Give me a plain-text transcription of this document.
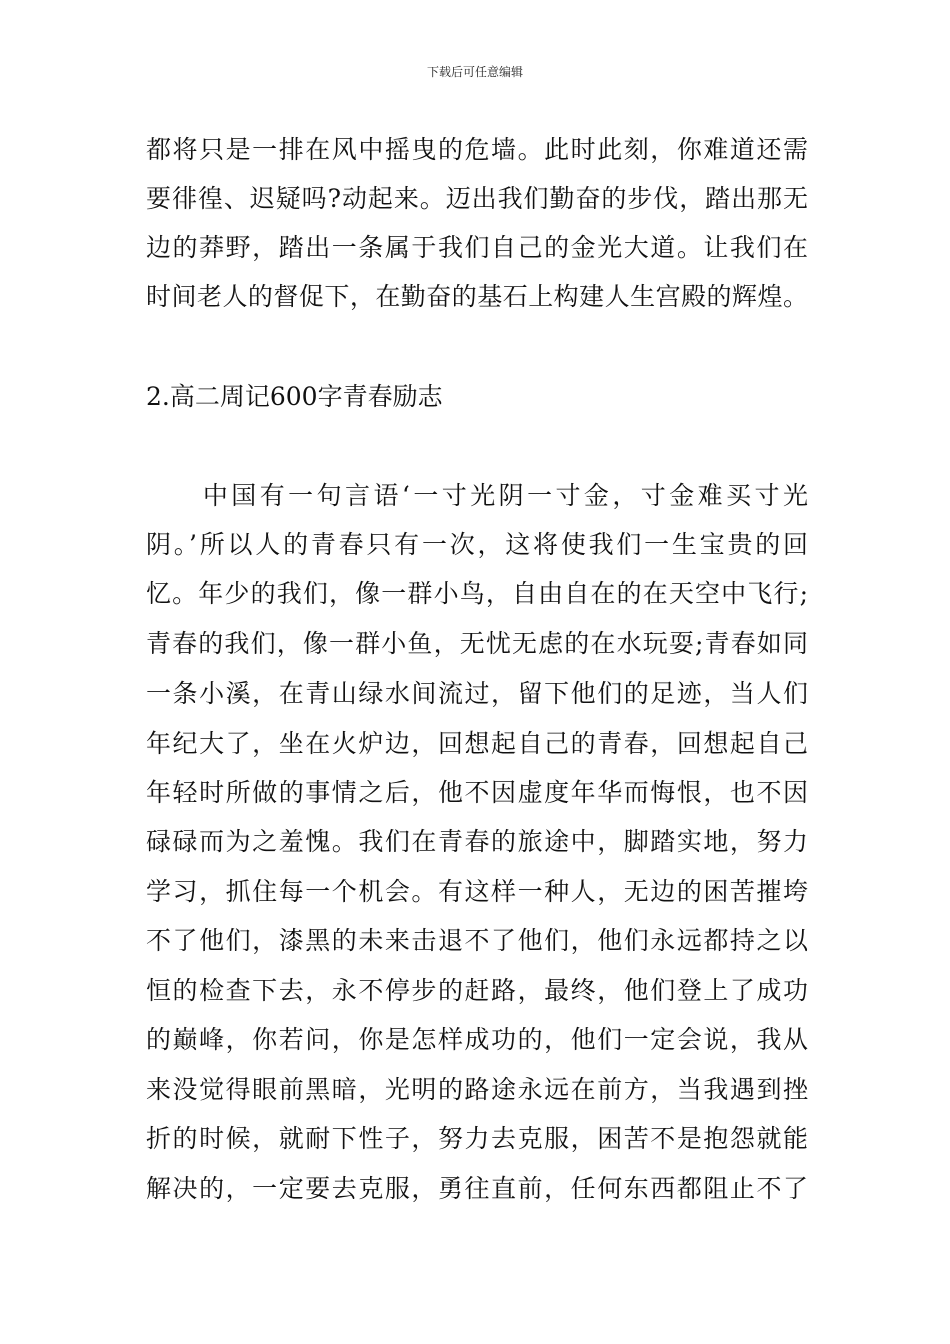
下载后可任意编辑
都将只是一排在风中摇曳的危墙。此时此刻，你难道还需
要徘徨、迟疑吗?动起来。迈出我们勤奋的步伐，踏出那无
边的莽野，踏出一条属于我们自己的金光大道。让我们在
时间老人的督促下，在勤奋的基石上构建人生宫殿的辉煌。
2.高二周记600字青春励志
　　中国有一句言语‘一寸光阴一寸金，寸金难买寸光
阴。’所以人的青春只有一次，这将使我们一生宝贵的回
忆。年少的我们，像一群小鸟，自由自在的在天空中飞行;
青春的我们，像一群小鱼，无忧无虑的在水玩耍;青春如同
一条小溪，在青山绿水间流过，留下他们的足迹，当人们
年纪大了，坐在火炉边，回想起自己的青春，回想起自己
年轻时所做的事情之后，他不因虚度年华而悔恨，也不因
碌碌而为之羞愧。我们在青春的旅途中，脚踏实地，努力
学习，抓住每一个机会。有这样一种人，无边的困苦摧垮
不了他们，漆黑的未来击退不了他们，他们永远都持之以
恒的检查下去，永不停步的赶路，最终，他们登上了成功
的巅峰，你若问，你是怎样成功的，他们一定会说，我从
来没觉得眼前黑暗，光明的路途永远在前方，当我遇到挫
折的时候，就耐下性子，努力去克服，困苦不是抱怨就能
解决的，一定要去克服，勇往直前，任何东西都阻止不了
